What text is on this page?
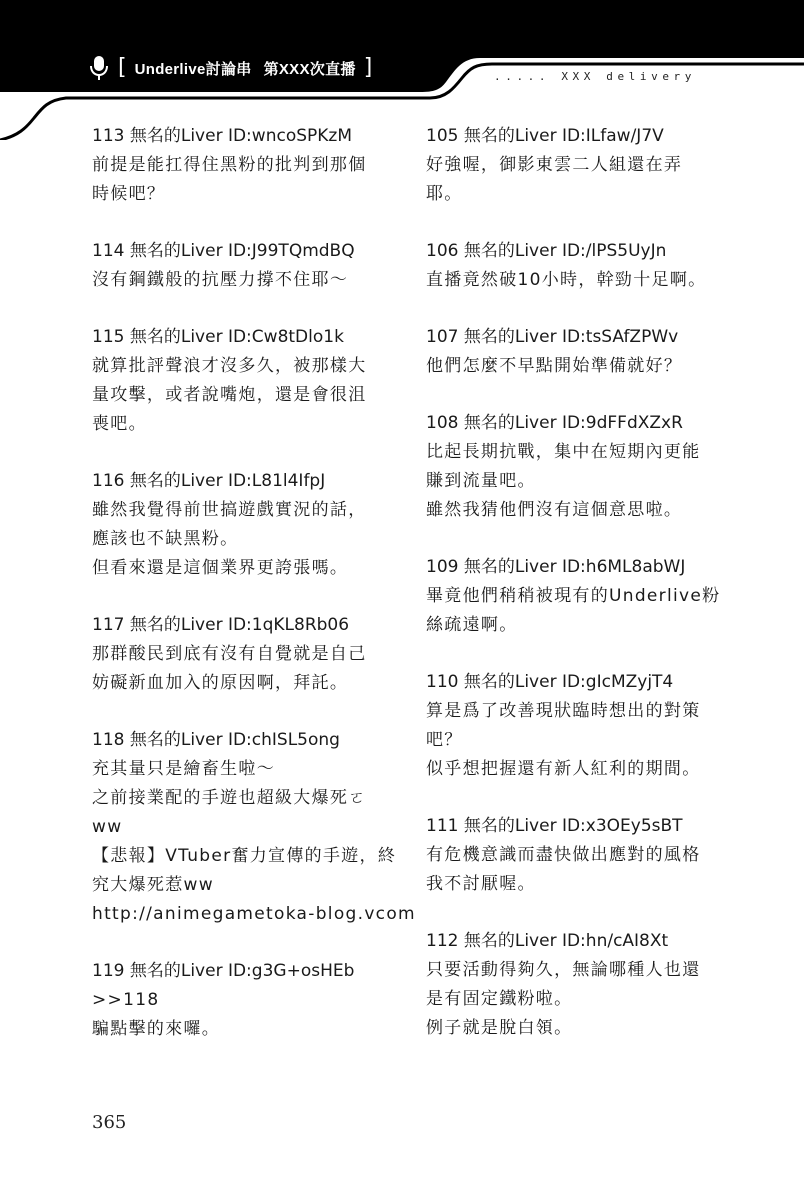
[ Underlive討論串 第XXX次直播 ]	..... XXX delivery
113 無名的Liver ID:wncoSPKzM
前提是能扛得住黑粉的批判到那個
時候吧？
114 無名的Liver ID:J99TQmdBQ
沒有鋼鐵般的抗壓力撐不住耶〜
115 無名的Liver ID:Cw8tDlo1k
就算批評聲浪才沒多久，被那樣大
量攻擊，或者說嘴炮，還是會很沮
喪吧。
116 無名的Liver ID:L81l4IfpJ
雖然我覺得前世搞遊戲實況的話，
應該也不缺黑粉。
但看來還是這個業界更誇張嗎。
117 無名的Liver ID:1qKL8Rb06
那群酸民到底有沒有自覺就是自己
妨礙新血加入的原因啊，拜託。
118 無名的Liver ID:chISL5ong
充其量只是繪畜生啦〜
之前接業配的手遊也超級大爆死ㄛ
ww
【悲報】VTuber奮力宣傳的手遊，終
究大爆死惹ww
http://animegametoka-blog.vcom
119 無名的Liver ID:g3G+osHEb
>>118
騙點擊的來囉。
105 無名的Liver ID:ILfaw/J7V
好強喔，御影東雲二人組還在弄
耶。
106 無名的Liver ID:/lPS5UyJn
直播竟然破10小時，幹勁十足啊。
107 無名的Liver ID:tsSAfZPWv
他們怎麼不早點開始準備就好？
108 無名的Liver ID:9dFFdXZxR
比起長期抗戰，集中在短期內更能
賺到流量吧。
雖然我猜他們沒有這個意思啦。
109 無名的Liver ID:h6ML8abWJ
畢竟他們稍稍被現有的Underlive粉
絲疏遠啊。
110 無名的Liver ID:gIcMZyjT4
算是爲了改善現狀臨時想出的對策
吧？
似乎想把握還有新人紅利的期間。
111 無名的Liver ID:x3OEy5sBT
有危機意識而盡快做出應對的風格
我不討厭喔。
112 無名的Liver ID:hn/cAI8Xt
只要活動得夠久，無論哪種人也還
是有固定鐵粉啦。
例子就是脫白領。
365
